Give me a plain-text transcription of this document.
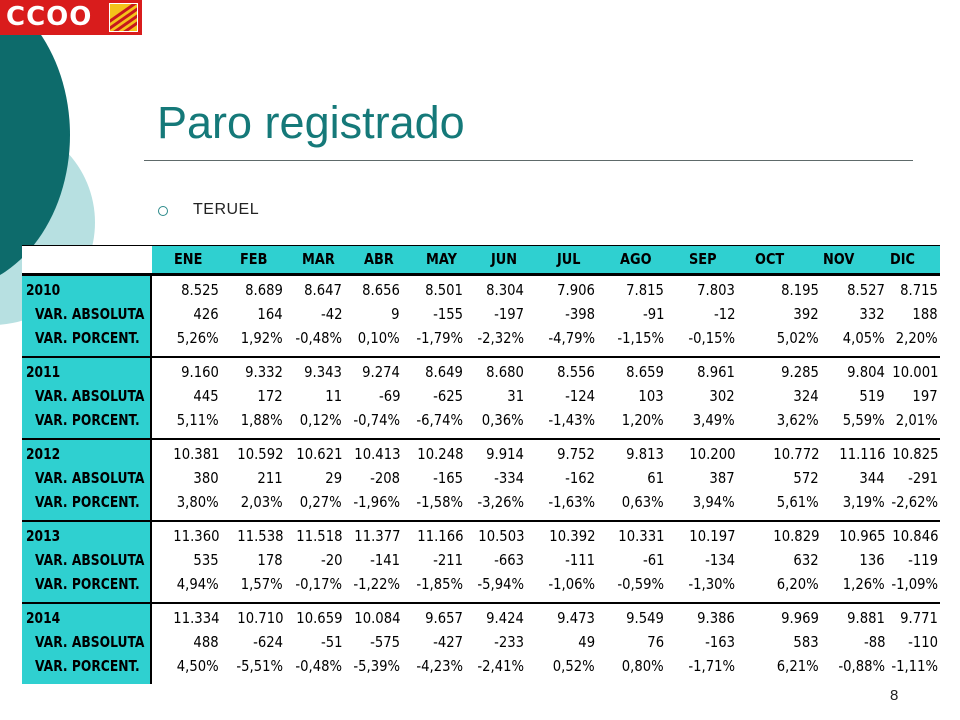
CCOO
Paro registrado
TERUEL
ENE	FEB MAR ABR MAY JUN	JUL	AGO SEP	OCT	NOV DIC
2010	8.525	8.689	8.647	8.656	8.501	8.304	7.906	7.815	7.803	8.195	8.527	8.715
VAR. ABSOLUTA	426	164 -42	9 -155 -197	-398	-91	-12	392	332 188
VAR. PORCENT.	5,26%	1,92% -0,48%	0,10%	-1,79% -2,32%	-4,79%	-1,15%	-0,15%	5,02%	4,05% 2,20%
2011	9.160	9.332	9.343	9.274	8.649	8.680	8.556	8.659	8.961	9.285	9.804 10.001
VAR. ABSOLUTA	445	172	11 -69 -625	31	-124	103	302	324	519 197
VAR. PORCENT.	5,11%	1,88%	0,12% -0,74%	-6,74%	0,36%	-1,43%	1,20%	3,49%	3,62%	5,59% 2,01%
2012	10.381	10.592 10.621 10.413	10.248	9.914	9.752	9.813	10.200	10.772	11.116 10.825
VAR. ABSOLUTA	380	211	29 -208 -165 -334	-162	61	387	572	344 -291
VAR. PORCENT.	3,80%	2,03%	0,27% -1,96%	-1,58% -3,26%	-1,63%	0,63%	3,94%	5,61%	3,19% -2,62%
2013	11.360	11.538 11.518 11.377	11.166 10.503	10.392	10.331	10.197	10.829	10.965 10.846
VAR. ABSOLUTA	535	178 -20 -141 -211 -663	-111	-61	-134	632	136 -119
VAR. PORCENT.	4,94%	1,57% -0,17% -1,22%	-1,85% -5,94%	-1,06%	-0,59%	-1,30%	6,20%	1,26% -1,09%
2014	11.334	10.710 10.659 10.084	9.657	9.424	9.473	9.549	9.386	9.969	9.881	9.771
VAR. ABSOLUTA	488 -624 -51 -575 -427 -233	49	76	-163	583	-88 -110
VAR. PORCENT.	4,50%	-5,51% -0,48% -5,39%	-4,23% -2,41%	0,52%	0,80%	-1,71%	6,21%	-0,88% -1,11%
8
